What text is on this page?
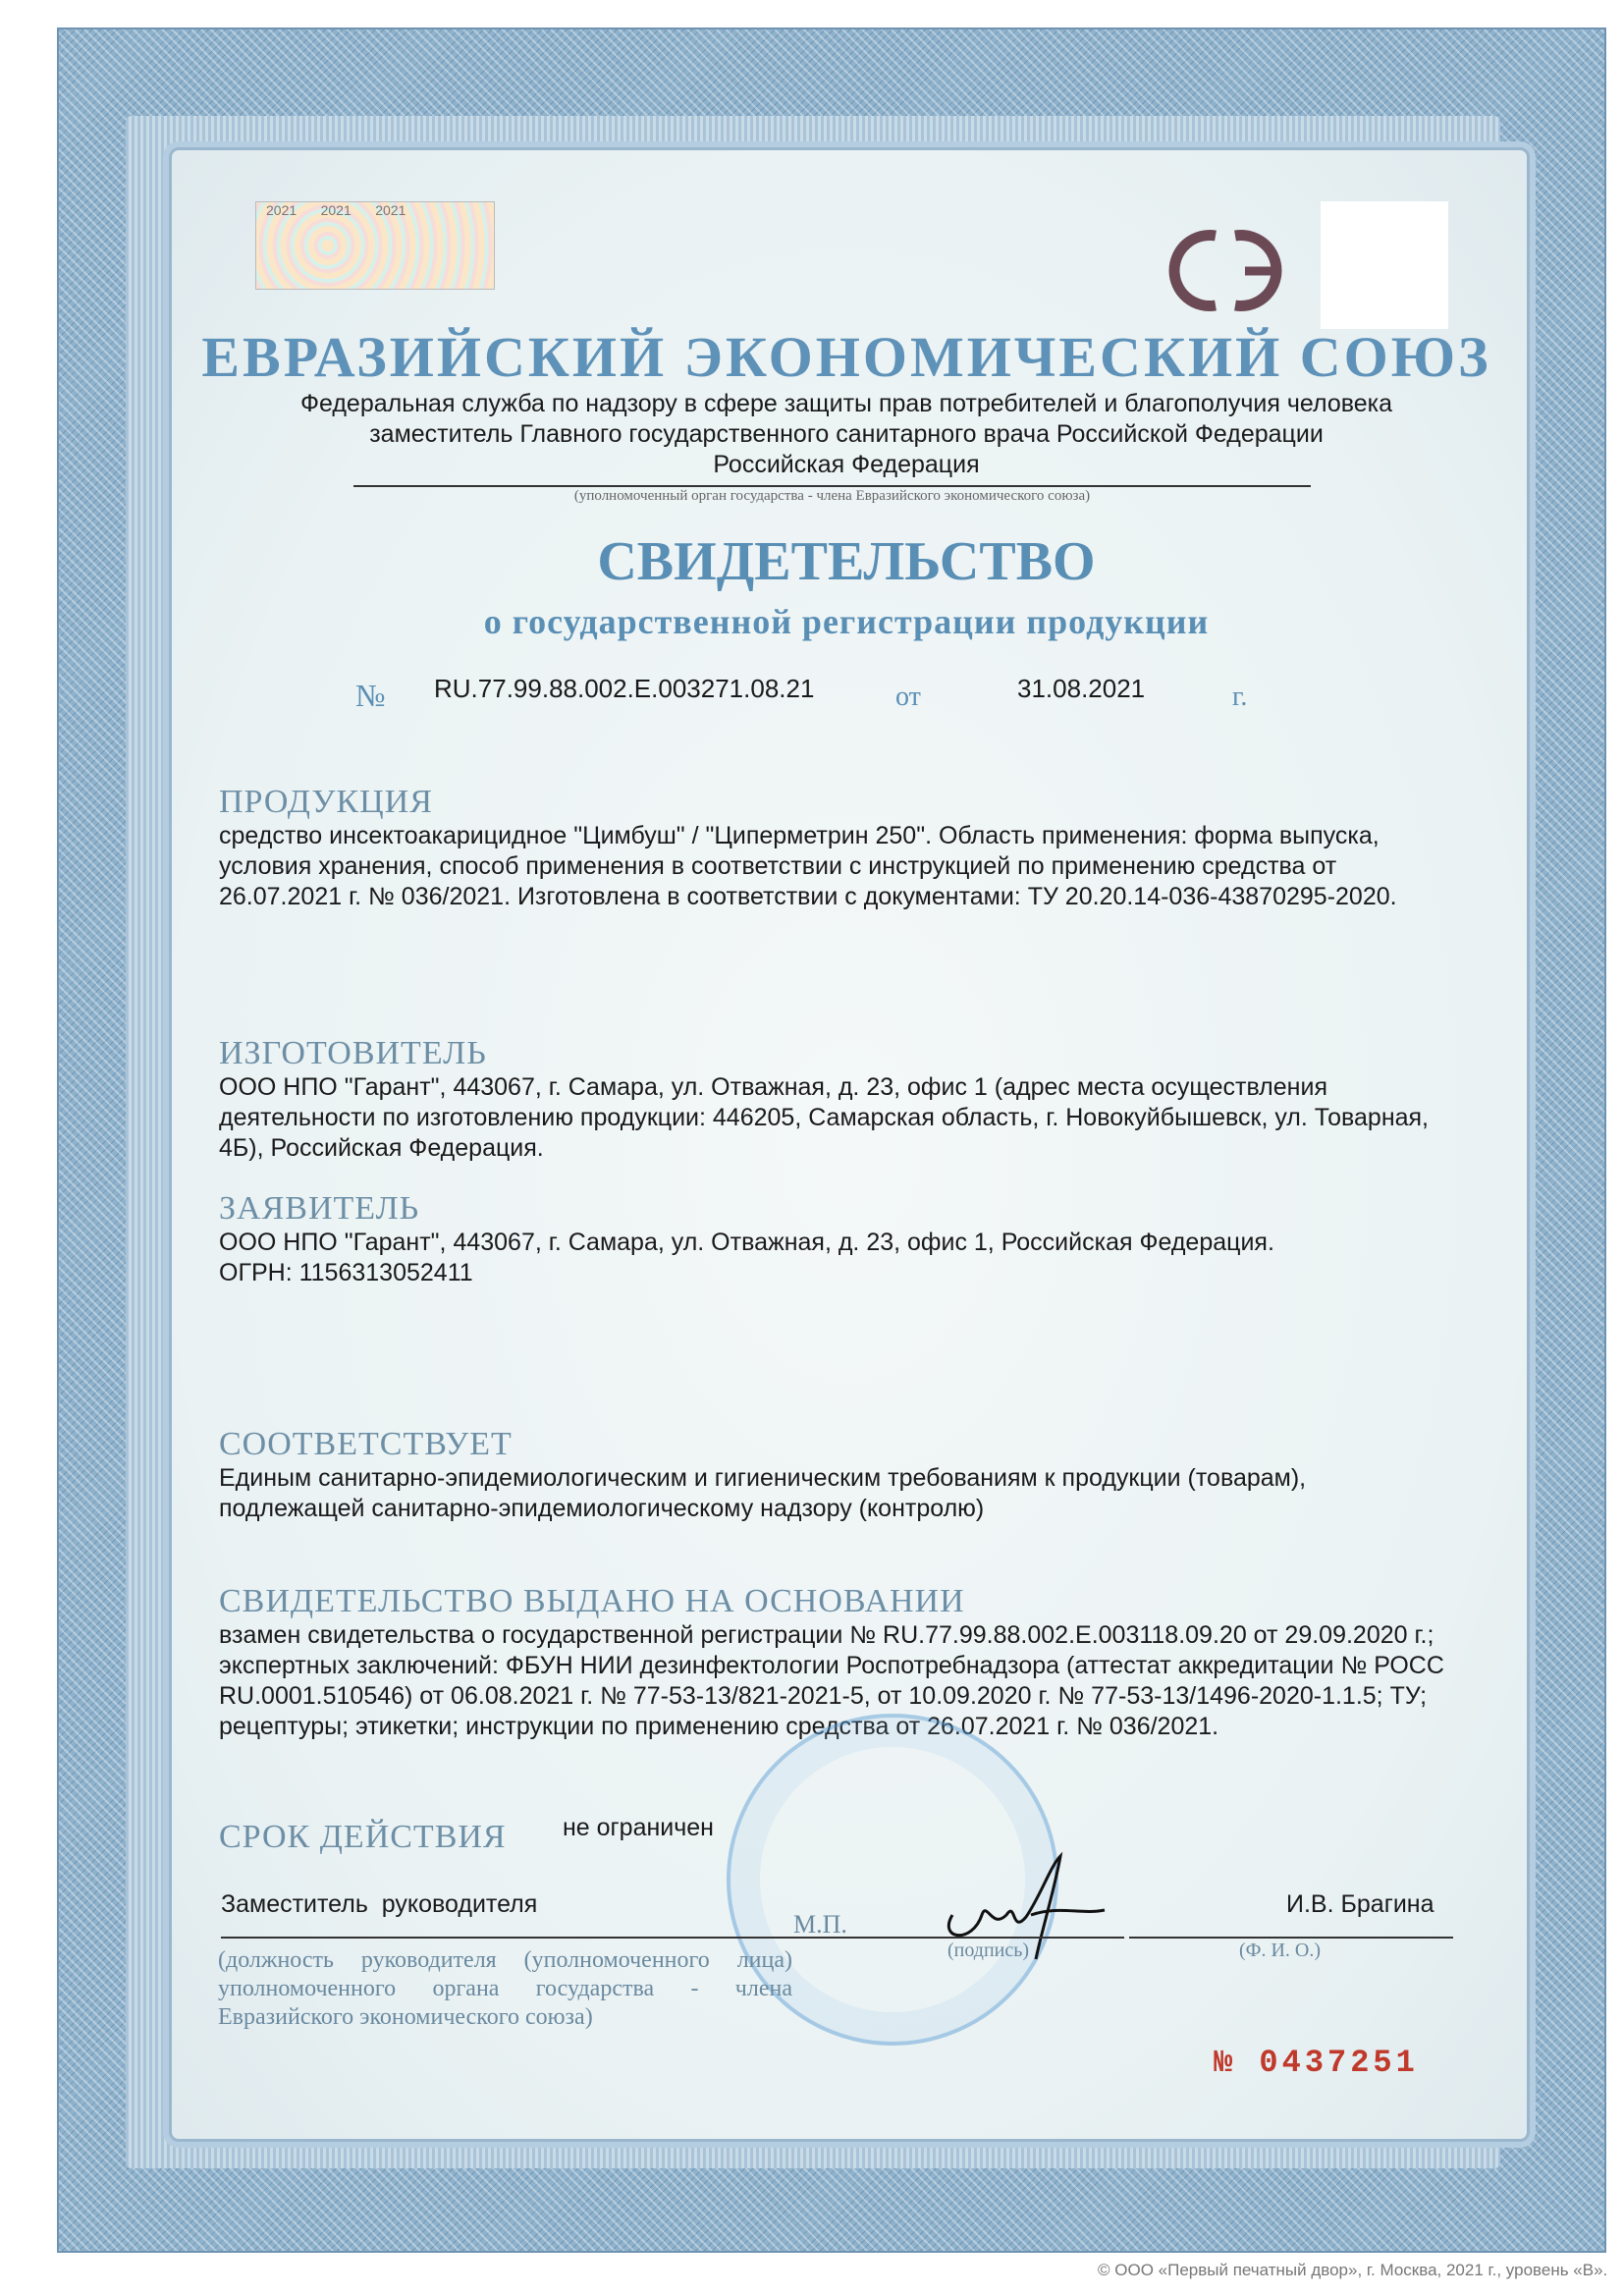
2021 2021 2021
ЕВРАЗИЙСКИЙ ЭКОНОМИЧЕСКИЙ СОЮЗ
Федеральная служба по надзору в сфере защиты прав потребителей и благополучия человека
заместитель Главного государственного санитарного врача Российской Федерации
Российская Федерация
(уполномоченный орган государства - члена Евразийского экономического союза)
СВИДЕТЕЛЬСТВО
о государственной регистрации продукции
№ RU.77.99.88.002.E.003271.08.21	от	31.08.2021	г.
ПРОДУКЦИЯ
средство инсектоакарицидное "Цимбуш" / "Циперметрин 250". Область применения: форма выпуска, условия хранения, способ применения в соответствии с инструкцией по применению средства от 26.07.2021 г. № 036/2021. Изготовлена в соответствии с документами: ТУ 20.20.14-036-43870295-2020.
ИЗГОТОВИТЕЛЬ
ООО НПО "Гарант", 443067, г. Самара, ул. Отважная, д. 23, офис 1 (адрес места осуществления деятельности по изготовлению продукции: 446205, Самарская область, г. Новокуйбышевск, ул. Товарная, 4Б), Российская Федерация.
ЗАЯВИТЕЛЬ
ООО НПО "Гарант", 443067, г. Самара, ул. Отважная, д. 23, офис 1, Российская Федерация.
ОГРН: 1156313052411
СООТВЕТСТВУЕТ
Единым санитарно-эпидемиологическим и гигиеническим требованиям к продукции (товарам), подлежащей санитарно-эпидемиологическому надзору (контролю)
СВИДЕТЕЛЬСТВО ВЫДАНО НА ОСНОВАНИИ
взамен свидетельства о государственной регистрации № RU.77.99.88.002.Е.003118.09.20 от 29.09.2020 г.; экспертных заключений: ФБУН НИИ дезинфектологии Роспотребнадзора (аттестат аккредитации № РОСС RU.0001.510546) от 06.08.2021 г. № 77-53-13/821-2021-5, от 10.09.2020 г. № 77-53-13/1496-2020-1.1.5; ТУ; рецептуры; этикетки; инструкции по применению средства от 26.07.2021 г. № 036/2021.
СРОК ДЕЙСТВИЯ не ограничен
Заместитель  руководителя	И.В. Брагина
М.П.
(подпись)	(Ф. И. О.)
(должность руководителя (уполномоченного лица) уполномоченного органа государства - члена Евразийского экономического союза)
№ 0437251
© ООО «Первый печатный двор», г. Москва, 2021 г., уровень «В».
